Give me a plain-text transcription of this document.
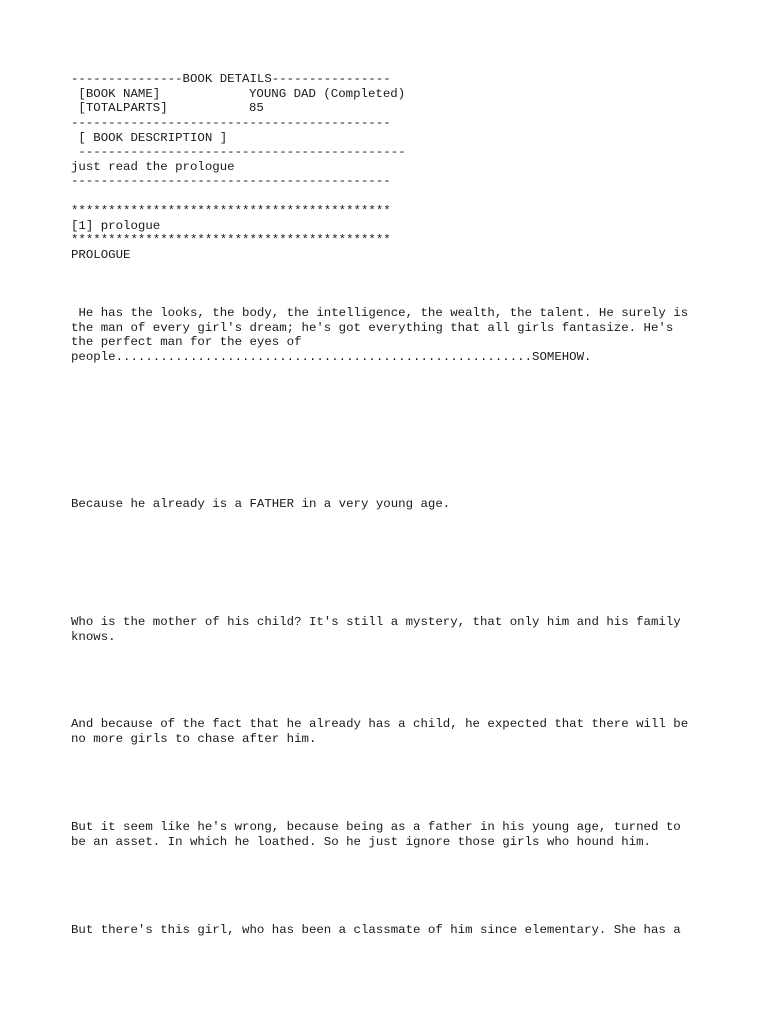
---------------BOOK DETAILS----------------
[BOOK NAME]	YOUNG DAD (Completed)
[TOTALPARTS]	85
-------------------------------------------
[ BOOK DESCRIPTION ]
--------------------------------------------
just read the prologue
-------------------------------------------
*******************************************
[1] prologue
*******************************************
PROLOGUE
He has the looks, the body, the intelligence, the wealth, the talent. He surely is
the man of every girl's dream; he's got everything that all girls fantasize. He's
the perfect man for the eyes of
people........................................................SOMEHOW.
Because he already is a FATHER in a very young age.
Who is the mother of his child? It's still a mystery, that only him and his family
knows.
And because of the fact that he already has a child, he expected that there will be
no more girls to chase after him.
But it seem like he's wrong, because being as a father in his young age, turned to
be an asset. In which he loathed. So he just ignore those girls who hound him.
But there's this girl, who has been a classmate of him since elementary. She has a
